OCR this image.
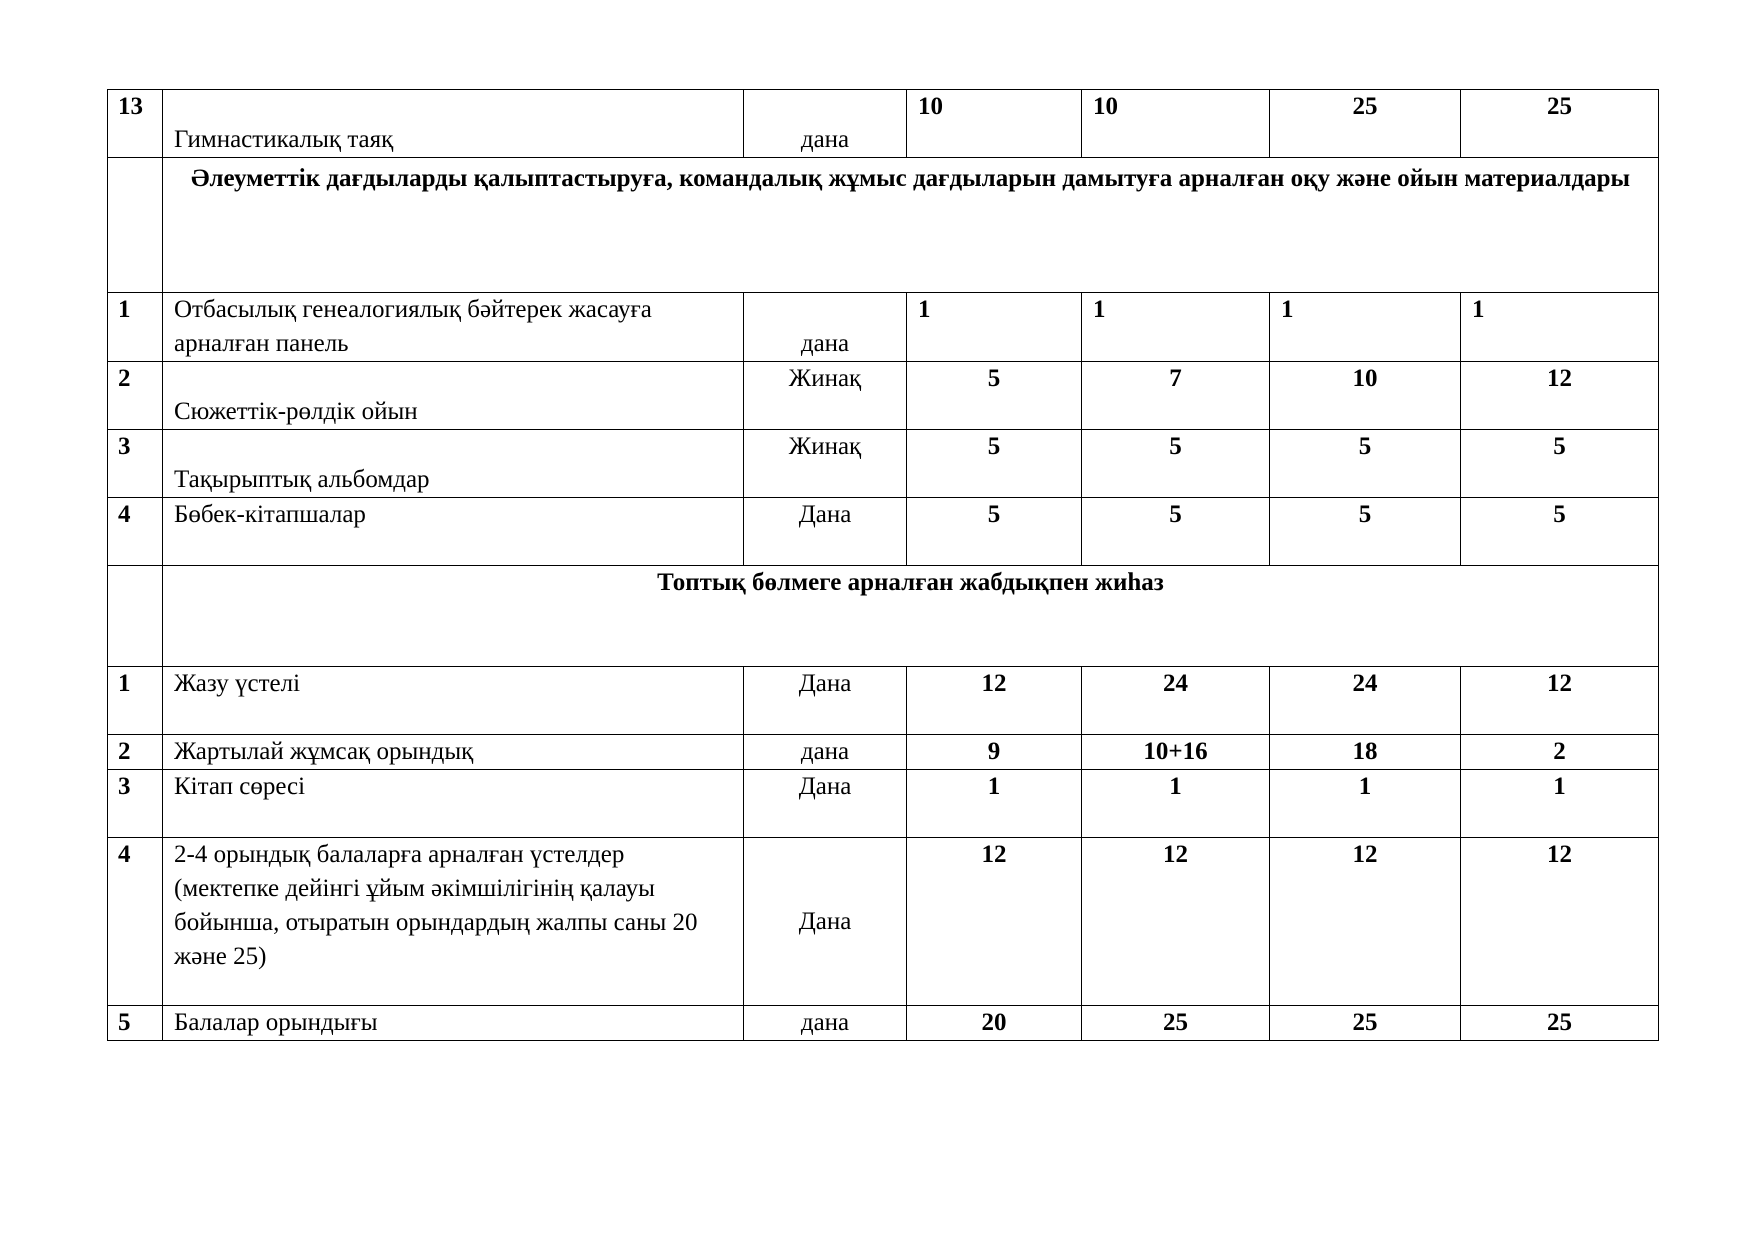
13	Гимнастикалық таяқ	дана	10	10	25	25
	Әлеуметтік дағдыларды қалыптастыруға, командалық жұмыс дағдыларын дамытуға арналған оқу және ойын материалдары					
1	Отбасылық генеалогиялық бәйтерек жасауға арналған панель	дана	1	1	1	1
2	Сюжеттік-рөлдік ойын	Жинақ	5	7	10	12
3	Тақырыптық альбомдар	Жинақ	5	5	5	5
4	Бөбек-кітапшалар	Дана	5	5	5	5
	Топтық бөлмеге арналған жабдықпен жиһаз					
1	Жазу үстелі	Дана	12	24	24	12
2	Жартылай жұмсақ орындық	дана	9	10+16	18	2
3	Кітап сөресі	Дана	1	1	1	1
4	2-4 орындық балаларға арналған үстелдер (мектепке дейінгі ұйым әкімшілігінің қалауы бойынша, отыратын орындардың жалпы саны 20 және 25)	Дана	12	12	12	12
5	Балалар орындығы	дана	20	25	25	25
